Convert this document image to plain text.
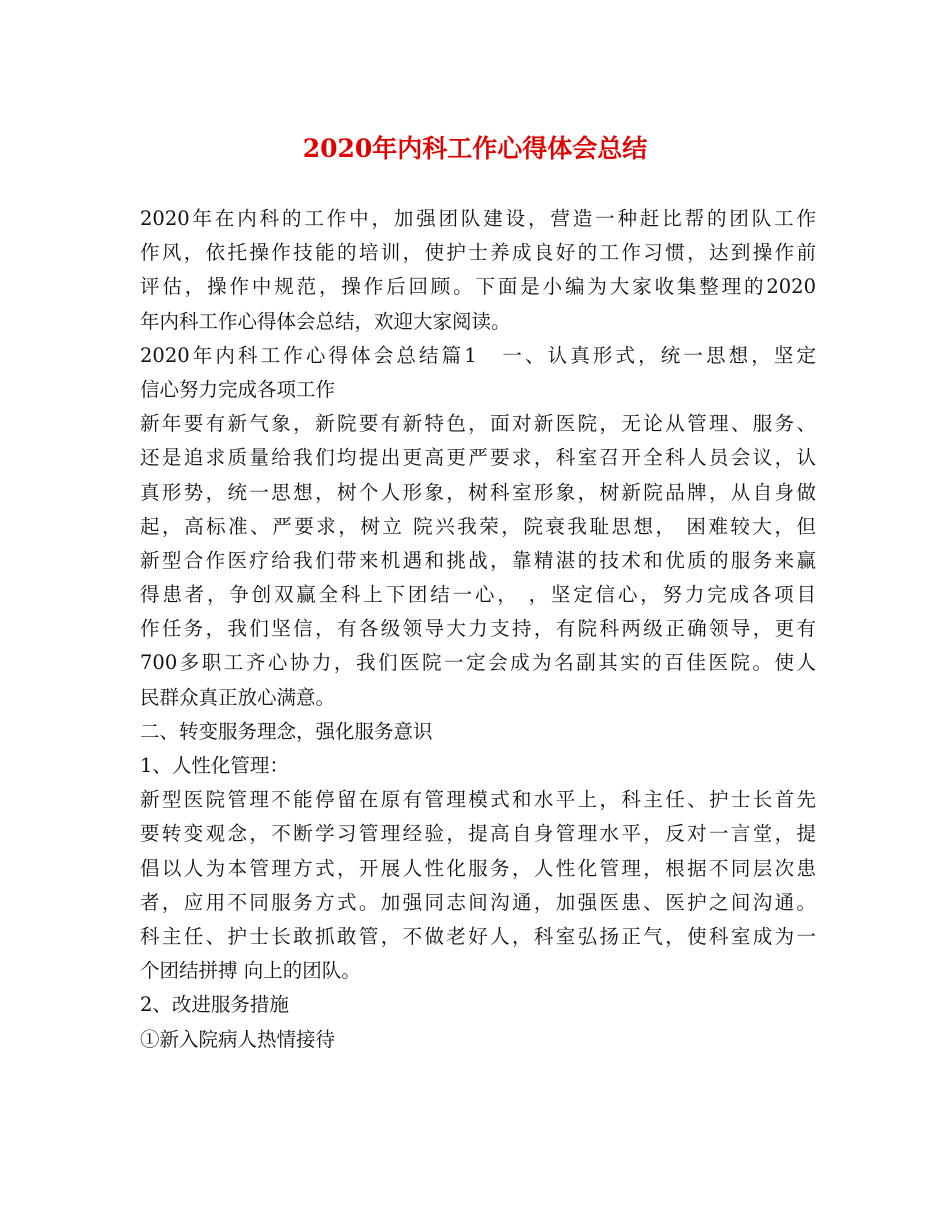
2020年内科工作心得体会总结
2020年在内科的工作中，加强团队建设，营造一种赶比帮的团队工作
作风，依托操作技能的培训，使护士养成良好的工作习惯，达到操作前
评估，操作中规范，操作后回顾。下面是小编为大家收集整理的2020
年内科工作心得体会总结，欢迎大家阅读。
2020年内科工作心得体会总结篇1　一、认真形式，统一思想，坚定
信心努力完成各项工作
新年要有新气象，新院要有新特色，面对新医院，无论从管理、服务、
还是追求质量给我们均提出更高更严要求，科室召开全科人员会议，认
真形势，统一思想，树个人形象，树科室形象，树新院品牌，从自身做
起，高标准、严要求，树立 院兴我荣，院衰我耻思想， 困难较大，但
新型合作医疗给我们带来机遇和挑战，靠精湛的技术和优质的服务来赢
得患者，争创双赢全科上下团结一心， ，坚定信心，努力完成各项目
作任务，我们坚信，有各级领导大力支持，有院科两级正确领导，更有
700多职工齐心协力，我们医院一定会成为名副其实的百佳医院。使人
民群众真正放心满意。
二、转变服务理念，强化服务意识
1、人性化管理：
新型医院管理不能停留在原有管理模式和水平上，科主任、护士长首先
要转变观念，不断学习管理经验，提高自身管理水平，反对一言堂，提
倡以人为本管理方式，开展人性化服务，人性化管理，根据不同层次患
者，应用不同服务方式。加强同志间沟通，加强医患、医护之间沟通。
科主任、护士长敢抓敢管，不做老好人，科室弘扬正气，使科室成为一
个团结拼搏 向上的团队。
2、改进服务措施
①新入院病人热情接待
